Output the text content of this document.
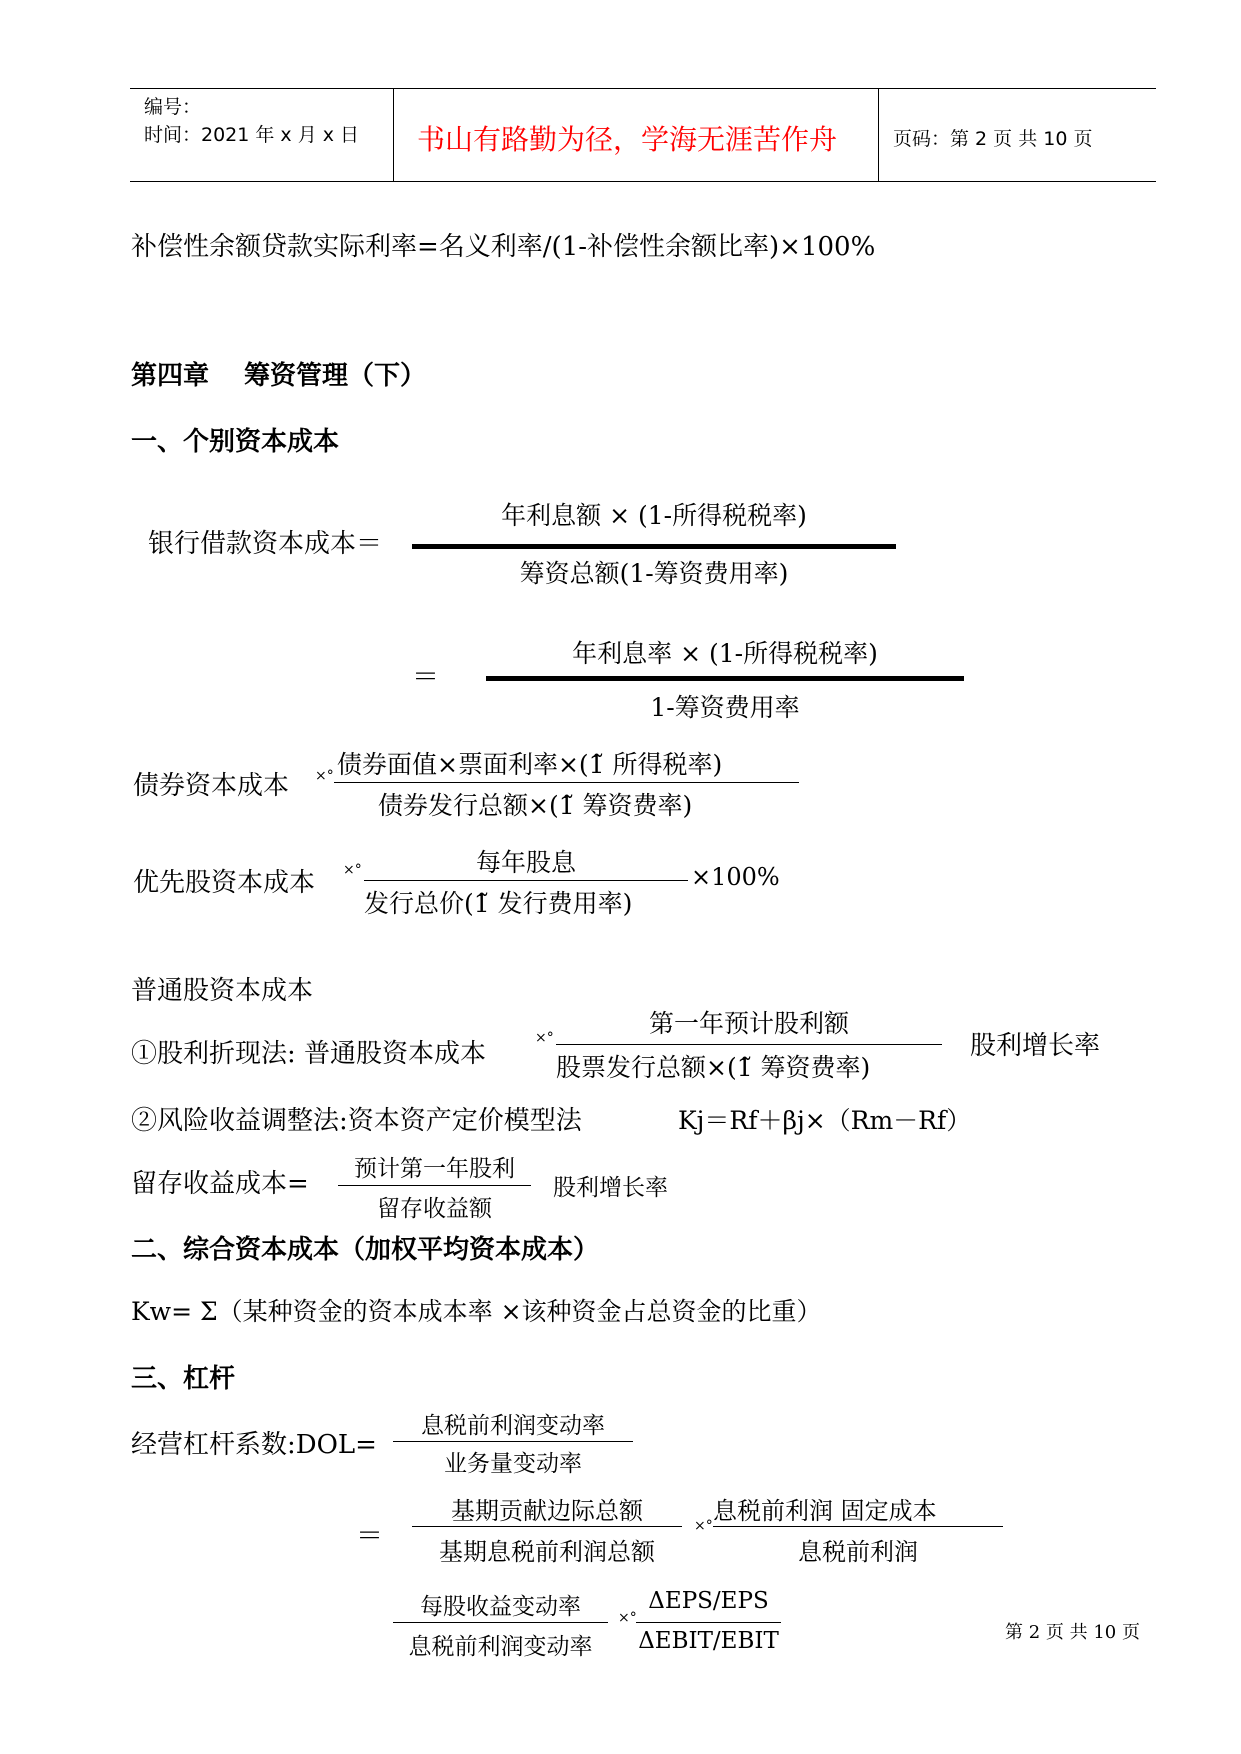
编号：
时间：2021 年 x 月 x 日 书山有路勤为径，学海无涯苦作舟	页码：第 2 页 共 10 页
补偿性余额贷款实际利率=名义利率/(1-补偿性余额比率)×100%
第四章　 筹资管理（下）
一、个别资本成本
银行借款资本成本＝
年利息额 × (1-所得税税率)
筹资总额(1-筹资费用率)
＝
年利息率 × (1-所得税税率)
1-筹资费用率
债券资本成本 ×° 债券面值×票面利率×(1̃ 所得税率)
债券发行总额×(1̃ 筹资费率)
优先股资本成本 ×°	每年股息
发行总价(1̃ 发行费用率)
×100%
普通股资本成本
①股利折现法: 普通股资本成本
×°	第一年预计股利额
股票发行总额×(1̃ 筹资费率)
股利增长率
②风险收益调整法:资本资产定价模型法	Kj＝Rf＋βj×（Rm－Rf）
留存收益成本=	预计第一年股利
留存收益额
股利增长率
二、综合资本成本（加权平均资本成本）
Kw= Σ（某种资金的资本成本率 ×该种资金占总资金的比重）
三、杠杆
经营杠杆系数:DOL=
息税前利润变动率
业务量变动率
＝
基期贡献边际总额
基期息税前利润总额
×°
息税前利润 固定成本
息税前利润
每股收益变动率
息税前利润变动率
×°
ΔEPS/EPS
ΔEBIT/EBIT	第 2 页 共 10 页
